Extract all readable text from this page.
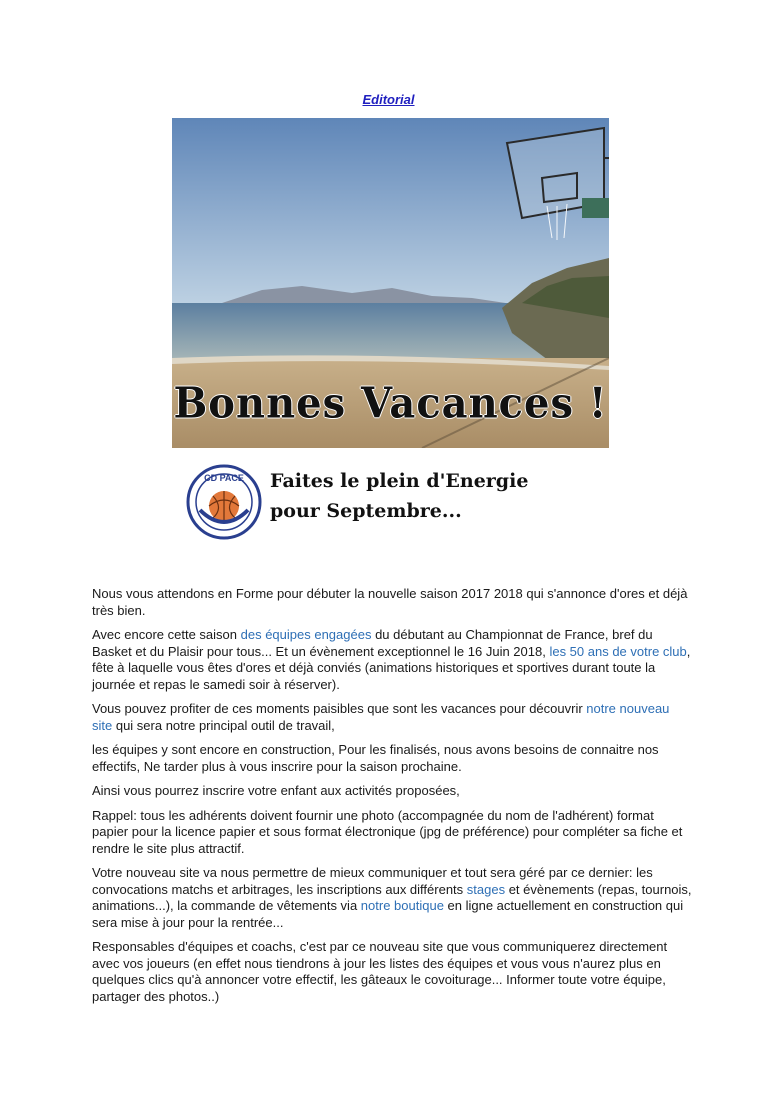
Editorial
Bonnes Vacances !
CD PACE Faites le plein d'Energie
pour Septembre...

Nous vous attendons en Forme pour débuter la nouvelle saison 2017 2018 qui s'annonce d'ores et déjà très bien.

Avec encore cette saison des équipes engagées du débutant au Championnat de France, bref du Basket et du Plaisir pour tous... Et un évènement exceptionnel le 16 Juin 2018, les 50 ans de votre club, fête à laquelle vous êtes d'ores et déjà conviés (animations historiques et sportives durant toute la journée et repas le samedi soir à réserver).

Vous pouvez profiter de ces moments paisibles que sont les vacances pour découvrir notre nouveau site qui sera notre principal outil de travail,

les équipes y sont encore en construction, Pour les finalisés, nous avons besoins de connaitre nos effectifs, Ne tarder plus à vous inscrire pour la saison prochaine.

Ainsi vous pourrez inscrire votre enfant aux activités proposées,

Rappel: tous les adhérents doivent fournir une photo (accompagnée du nom de l'adhérent) format papier pour la licence papier et sous format électronique (jpg de préférence) pour compléter sa fiche et rendre le site plus attractif.

Votre nouveau site va nous permettre de mieux communiquer et tout sera géré par ce dernier: les convocations matchs et arbitrages, les inscriptions aux différents stages et évènements (repas, tournois, animations...), la commande de vêtements via notre boutique en ligne actuellement en construction qui sera mise à jour pour la rentrée...

Responsables d'équipes et coachs, c'est par ce nouveau site que vous communiquerez directement avec vos joueurs (en effet nous tiendrons à jour les listes des équipes et vous vous n'aurez plus en quelques clics qu'à annoncer votre effectif, les gâteaux le covoiturage... Informer toute votre équipe, partager des photos..)
